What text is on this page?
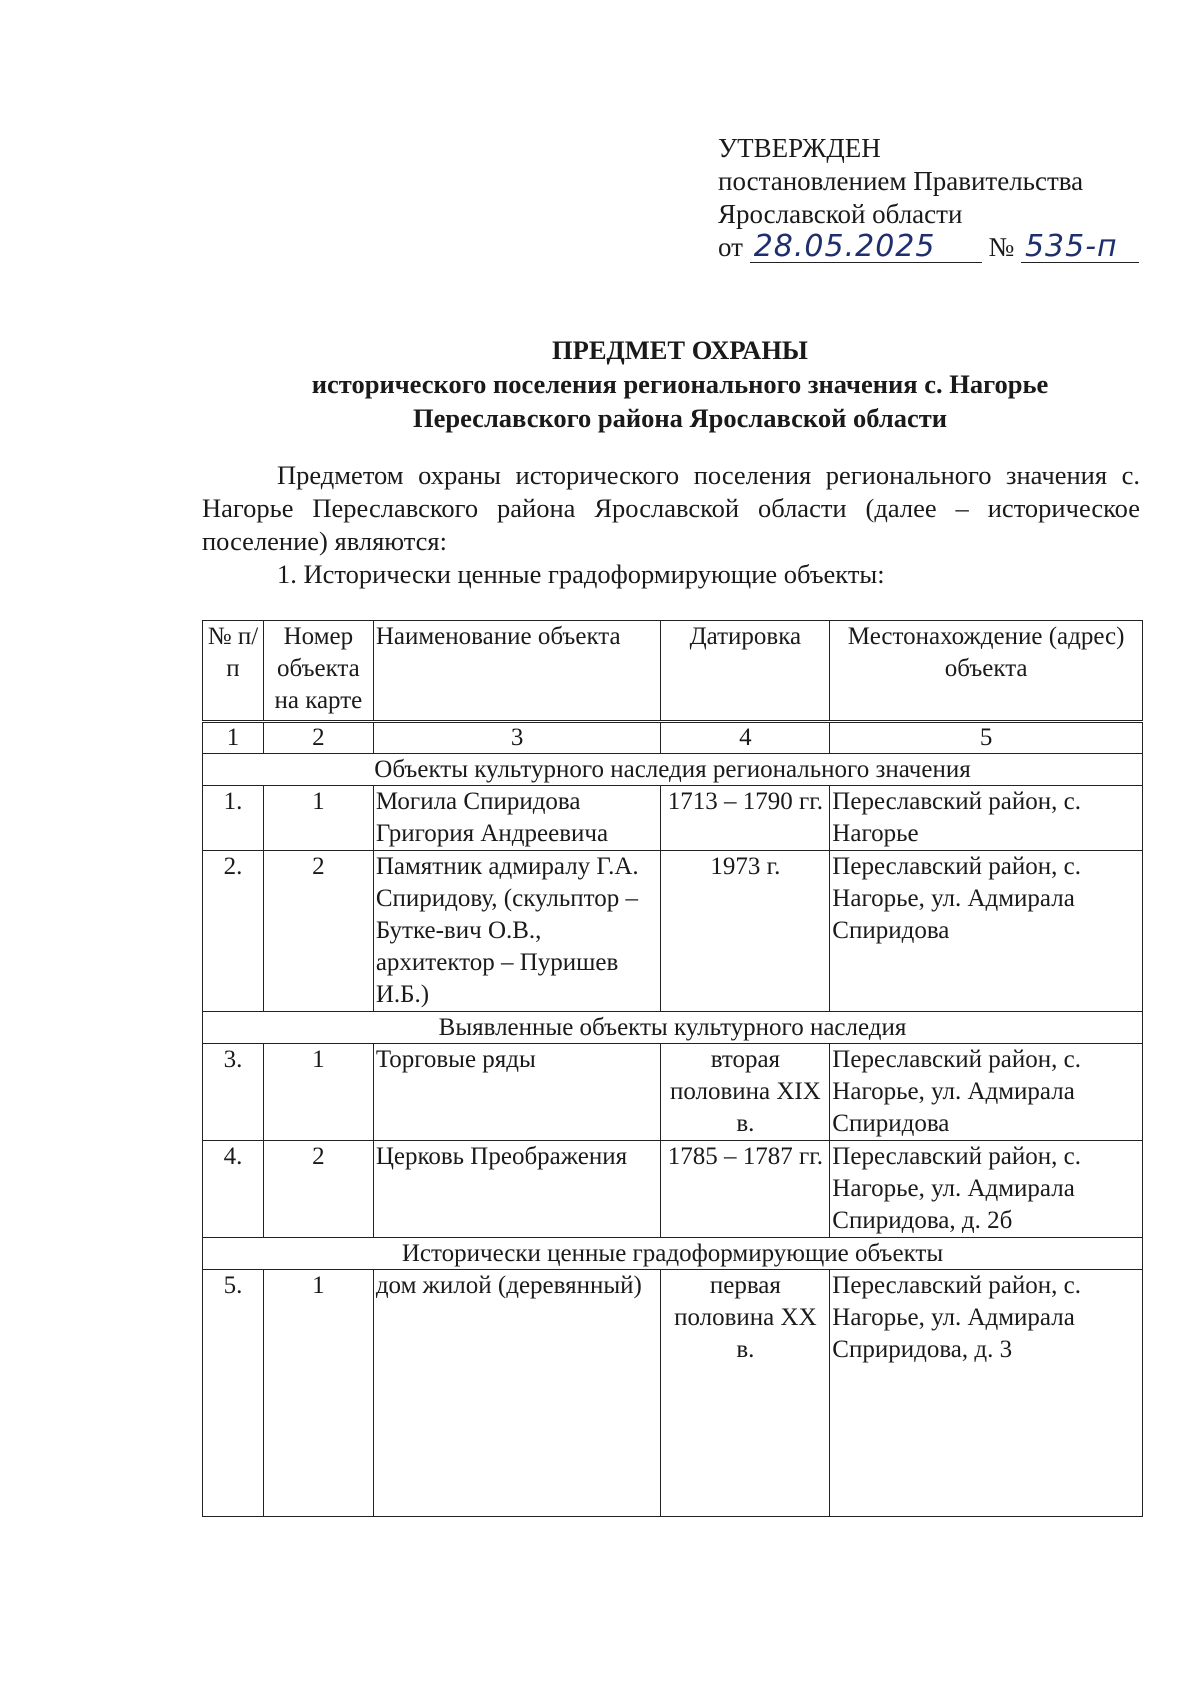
УТВЕРЖДЕН
постановлением Правительства
Ярославской области
от 28.05.2025 № 535-п
ПРЕДМЕТ ОХРАНЫ
исторического поселения регионального значения с. Нагорье
Переславского района Ярославской области

Предметом охраны исторического поселения регионального значения с. Нагорье Переславского района Ярославской области (далее – историческое поселение) являются:

1. Исторически ценные градоформирующие объекты:

№ п/п	Номер объекта на карте	Наименование объекта	Датировка	Местонахождение (адрес) объекта
1	2	3	4	5
Объекты культурного наследия регионального значения				
1.	1	Могила Спиридова Григория Андреевича	1713 – 1790 гг.	Переславский район, с. Нагорье
2.	2	Памятник адмиралу Г.А. Спиридову, (скульптор – Бутке-вич О.В., архитектор – Пуришев И.Б.)	1973 г.	Переславский район, с. Нагорье, ул. Адмирала Спиридова
Выявленные объекты культурного наследия				
3.	1	Торговые ряды	вторая половина XIX в.	Переславский район, с. Нагорье, ул. Адмирала Спиридова
4.	2	Церковь Преображения	1785 – 1787 гг.	Переславский район, с. Нагорье, ул. Адмирала Спиридова, д. 2б
Исторически ценные градоформирующие объекты				
5.	1	дом жилой (деревянный)	первая половина XX в.	Переславский район, с. Нагорье, ул. Адмирала Сприридова, д. 3
